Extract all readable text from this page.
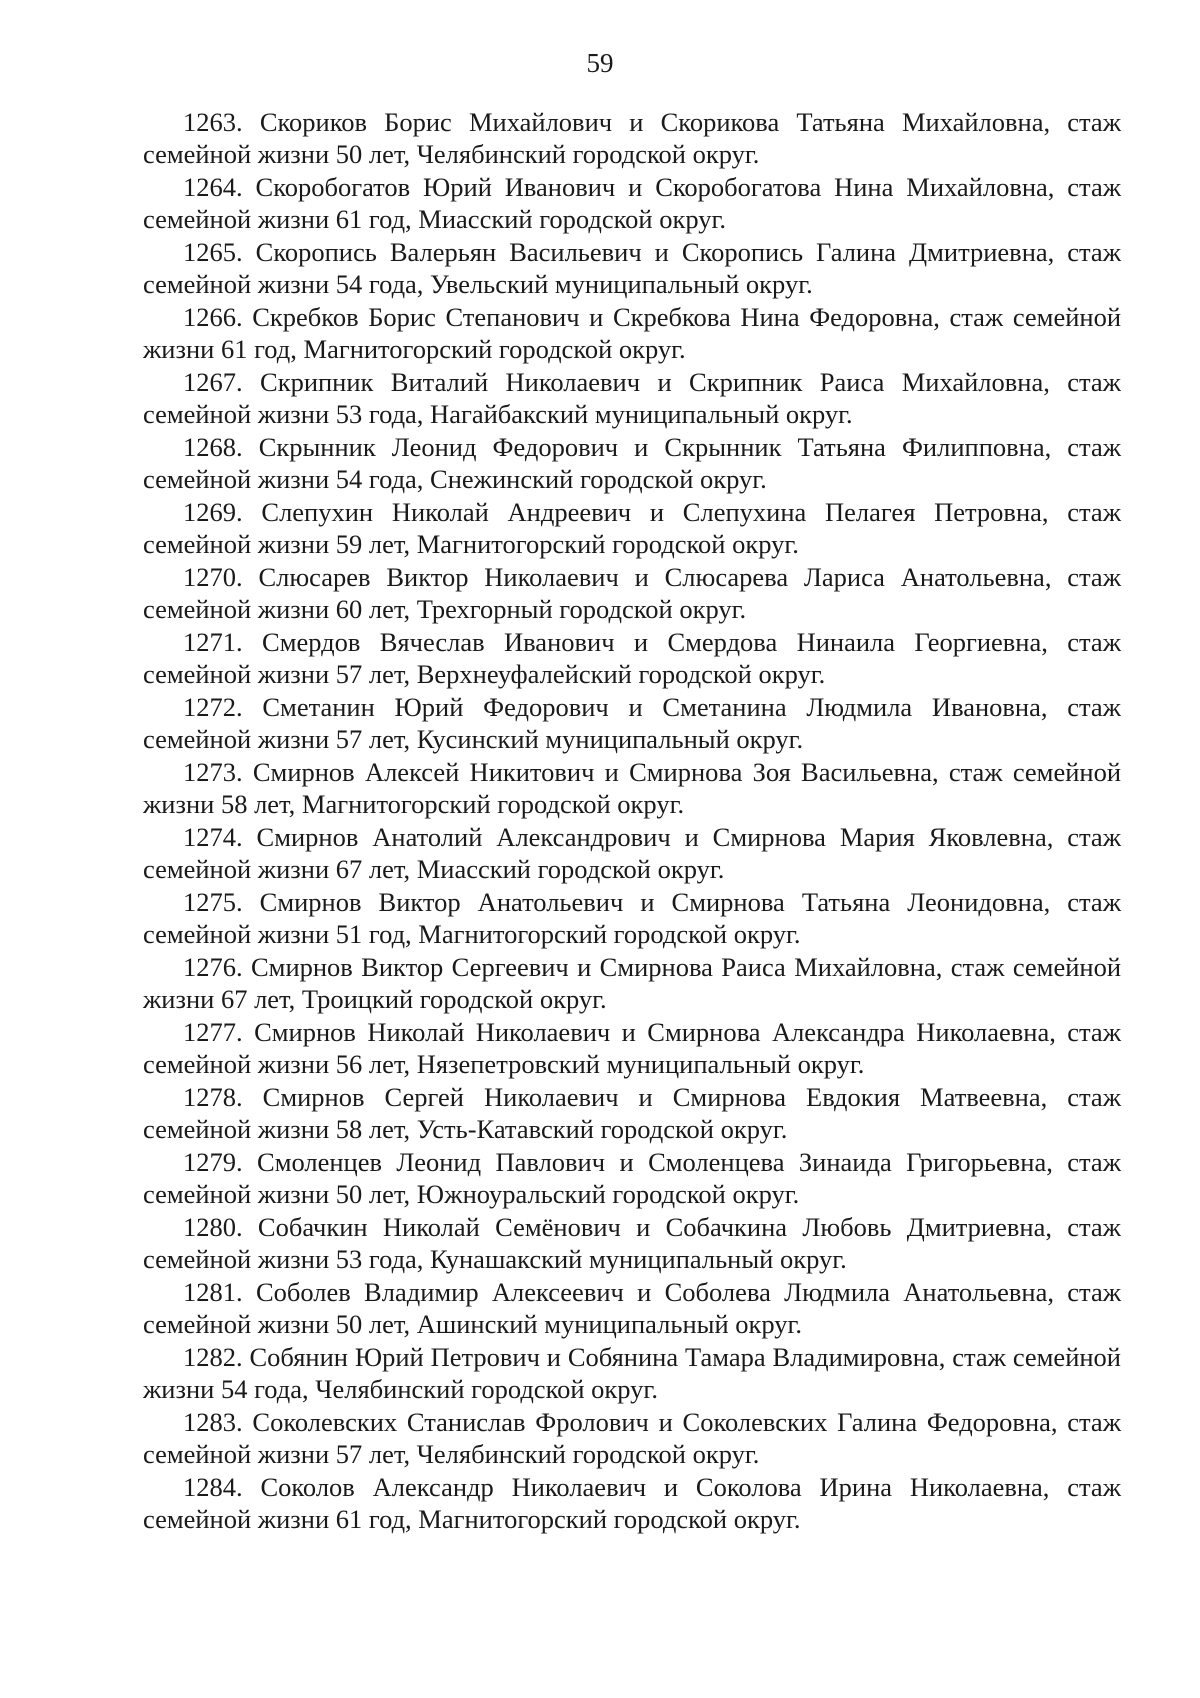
59

1263. Скориков Борис Михайлович и Скорикова Татьяна Михайловна, стаж семейной жизни 50 лет, Челябинский городской округ.

1264. Скоробогатов Юрий Иванович и Скоробогатова Нина Михайловна, стаж семейной жизни 61 год, Миасский городской округ.

1265. Скоропись Валерьян Васильевич и Скоропись Галина Дмитриевна, стаж семейной жизни 54 года, Увельский муниципальный округ.

1266. Скребков Борис Степанович и Скребкова Нина Федоровна, стаж семейной жизни 61 год, Магнитогорский городской округ.

1267. Скрипник Виталий Николаевич и Скрипник Раиса Михайловна, стаж семейной жизни 53 года, Нагайбакский муниципальный округ.

1268. Скрынник Леонид Федорович и Скрынник Татьяна Филипповна, стаж семейной жизни 54 года, Снежинский городской округ.

1269. Слепухин Николай Андреевич и Слепухина Пелагея Петровна, стаж семейной жизни 59 лет, Магнитогорский городской округ.

1270. Слюсарев Виктор Николаевич и Слюсарева Лариса Анатольевна, стаж семейной жизни 60 лет, Трехгорный городской округ.

1271. Смердов Вячеслав Иванович и Смердова Нинаила Георгиевна, стаж семейной жизни 57 лет, Верхнеуфалейский городской округ.

1272. Сметанин Юрий Федорович и Сметанина Людмила Ивановна, стаж семейной жизни 57 лет, Кусинский муниципальный округ.

1273. Смирнов Алексей Никитович и Смирнова Зоя Васильевна, стаж семейной жизни 58 лет, Магнитогорский городской округ.

1274. Смирнов Анатолий Александрович и Смирнова Мария Яковлевна, стаж семейной жизни 67 лет, Миасский городской округ.

1275. Смирнов Виктор Анатольевич и Смирнова Татьяна Леонидовна, стаж семейной жизни 51 год, Магнитогорский городской округ.

1276. Смирнов Виктор Сергеевич и Смирнова Раиса Михайловна, стаж семейной жизни 67 лет, Троицкий городской округ.

1277. Смирнов Николай Николаевич и Смирнова Александра Николаевна, стаж семейной жизни 56 лет, Нязепетровский муниципальный округ.

1278. Смирнов Сергей Николаевич и Смирнова Евдокия Матвеевна, стаж семейной жизни 58 лет, Усть-Катавский городской округ.

1279. Смоленцев Леонид Павлович и Смоленцева Зинаида Григорьевна, стаж семейной жизни 50 лет, Южноуральский городской округ.

1280. Собачкин Николай Семёнович и Собачкина Любовь Дмитриевна, стаж семейной жизни 53 года, Кунашакский муниципальный округ.

1281. Соболев Владимир Алексеевич и Соболева Людмила Анатольевна, стаж семейной жизни 50 лет, Ашинский муниципальный округ.

1282. Собянин Юрий Петрович и Собянина Тамара Владимировна, стаж семейной жизни 54 года, Челябинский городской округ.

1283. Соколевских Станислав Фролович и Соколевских Галина Федоровна, стаж семейной жизни 57 лет, Челябинский городской округ.

1284. Соколов Александр Николаевич и Соколова Ирина Николаевна, стаж семейной жизни 61 год, Магнитогорский городской округ.
